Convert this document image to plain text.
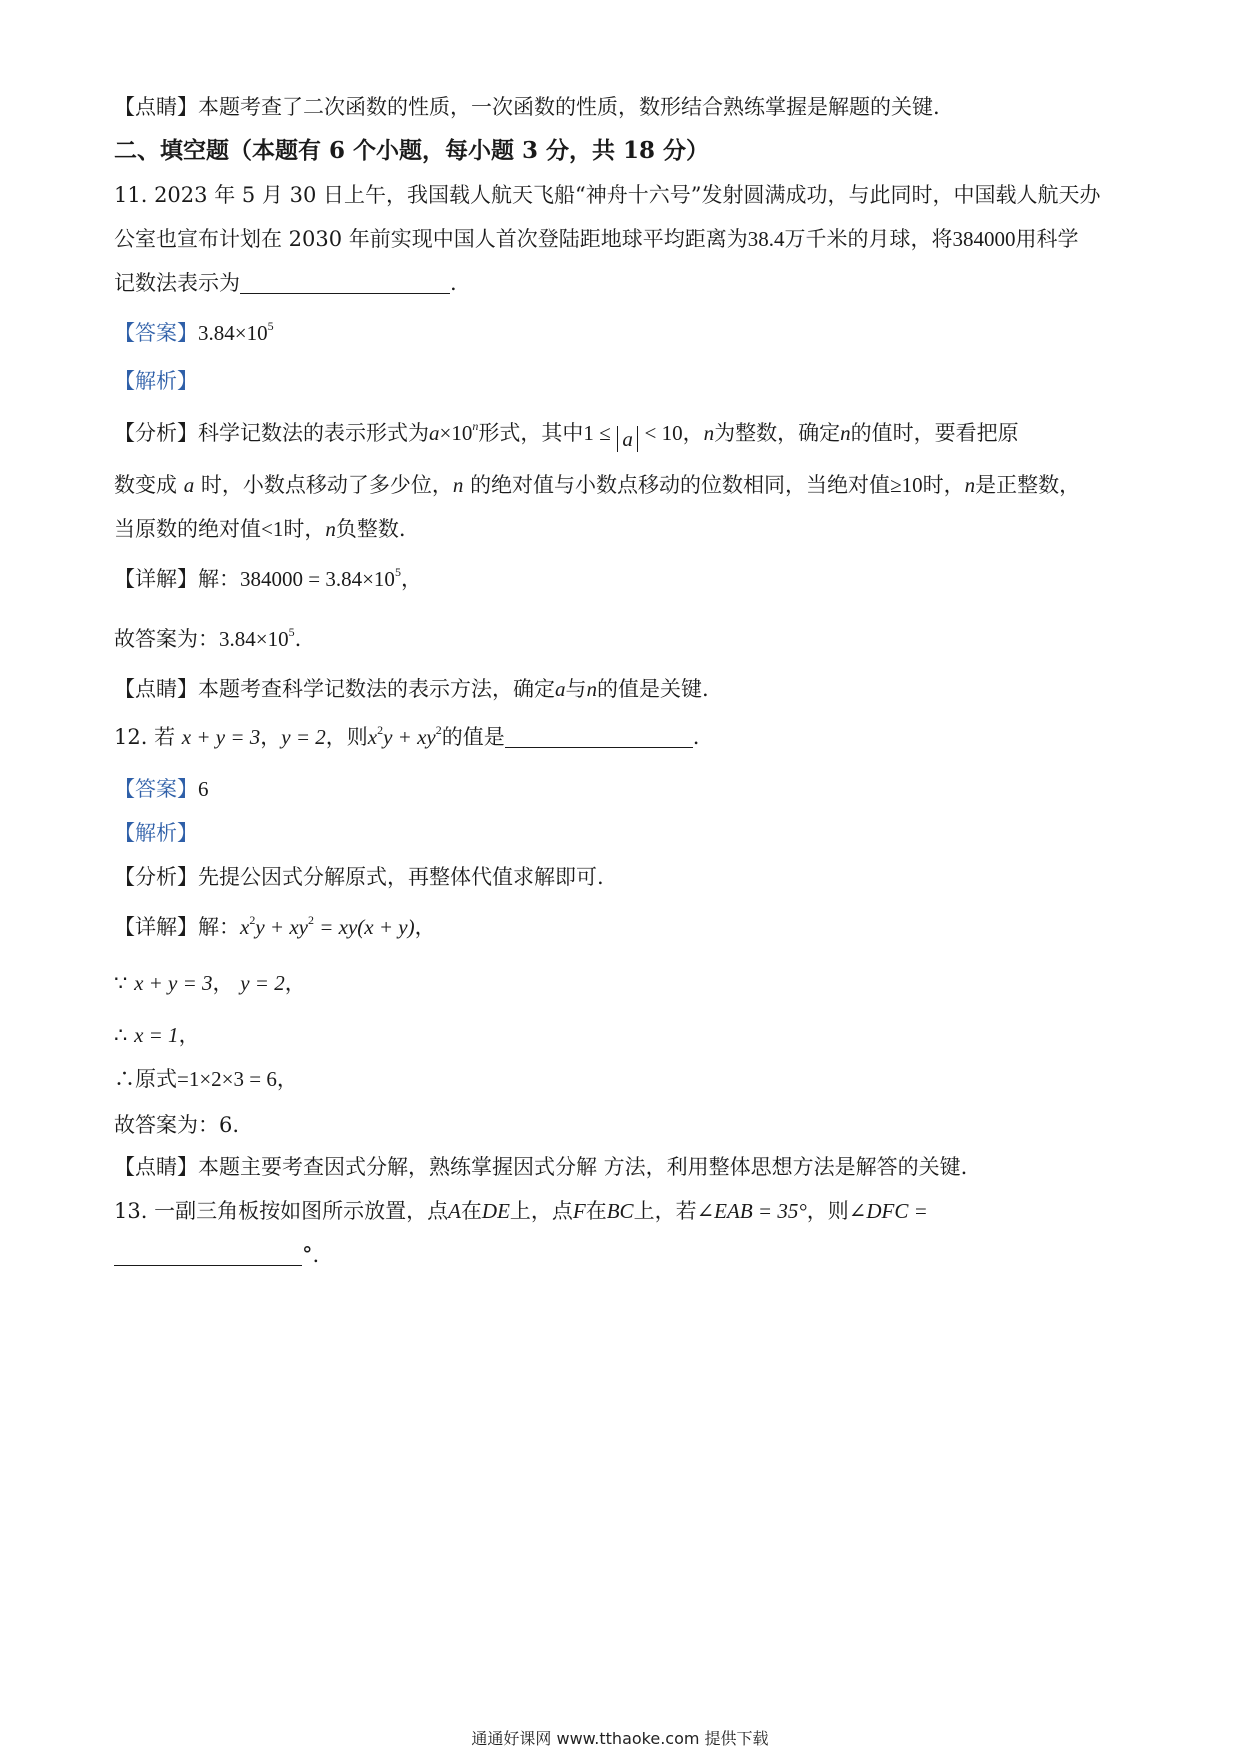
【点睛】本题考查了二次函数的性质，一次函数的性质，数形结合熟练掌握是解题的关键.
二、填空题（本题有 6 个小题，每小题 3 分，共 18 分）
11. 2023 年 5 月 30 日上午，我国载人航天飞船“神舟十六号”发射圆满成功，与此同时，中国载人航天办
公室也宣布计划在 2030 年前实现中国人首次登陆距地球平均距离为38.4万千米的月球，将384000用科学
记数法表示为	.
【答案】$3.84\times 10^5$
【解析】
【分析】科学记数法的表示形式为$a\times 10^n$形式，其中1 ≤ a < 10，n为整数，确定n的值时，要看把原
数变成 a 时，小数点移动了多少位，n 的绝对值与小数点移动的位数相同，当绝对值≥10时，n是正整数，
当原数的绝对值<1时，n负整数.
【详解】解：$384000 = 3.84\times 10^5$，
故答案为：$3.84\times 10^5$.
【点睛】本题考查科学记数法的表示方法，确定a与n的值是关键.
12. 若 x + y = 3，y = 2，则$x^2y + xy^2$的值是	.
【答案】6
【解析】
【分析】先提公因式分解原式，再整体代值求解即可.
【详解】解：$x^2y + xy^2 = xy(x + y)$，
∵ x + y = 3， y = 2，
∴ x = 1，
∴原式=1×2×3 = 6，
故答案为：6.
【点睛】本题主要考查因式分解，熟练掌握因式分解 方法，利用整体思想方法是解答的关键.
13. 一副三角板按如图所示放置，点A在DE上，点F在BC上，若∠EAB = 35°，则∠DFC =
°.
通通好课网 www.tthaoke.com 提供下载
